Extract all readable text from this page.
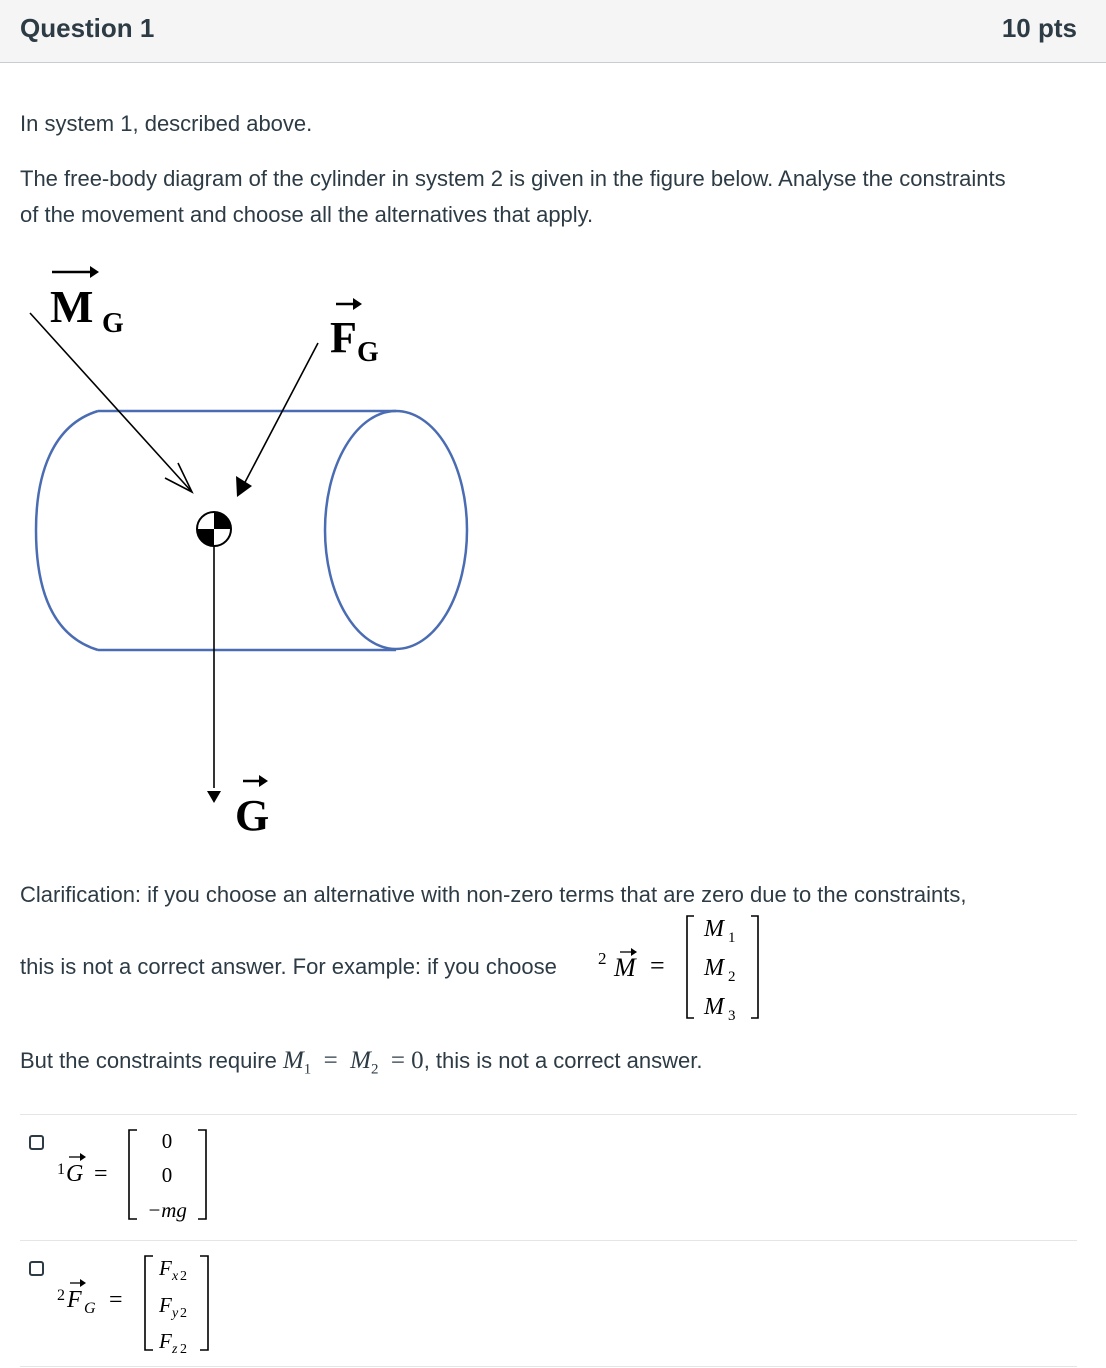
Question 1	10 pts
In system 1, described above.
The free-body diagram of the cylinder in system 2 is given in the figure below. Analyse the constraints of the movement and choose all the alternatives that apply.
M G	F G
G
Clarification: if you choose an alternative with non-zero terms that are zero due to the constraints,
this is not a correct answer. For example: if you choose 2 M =
M 1
M 2
M 3
But the constraints require $M_1 = M_2 = 0$, this is not a correct answer.
1 G =
0
0
−mg
2 F G =
F x 2
F y 2
F z 2
